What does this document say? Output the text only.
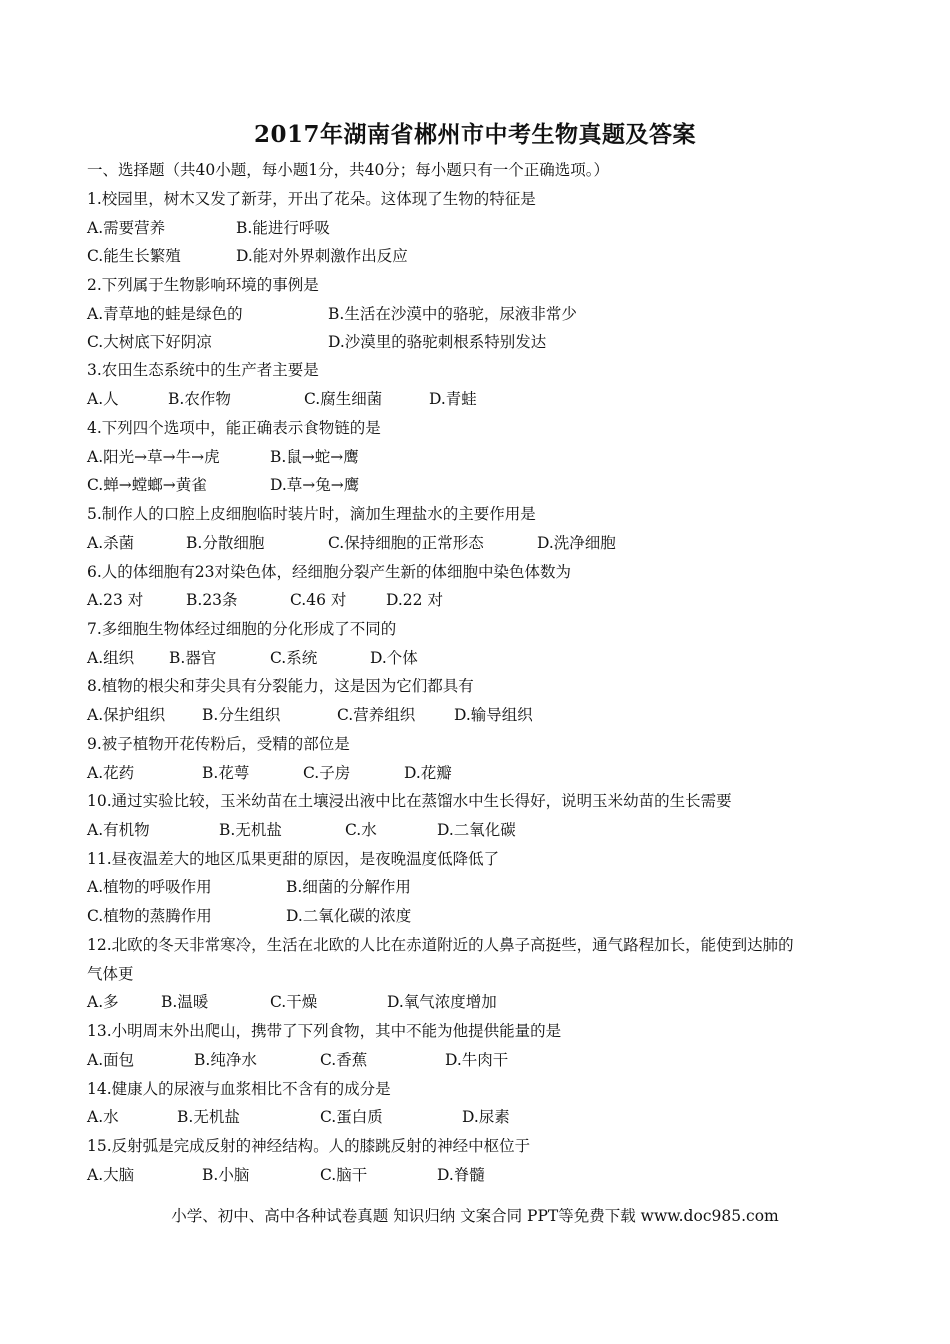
2017年湖南省郴州市中考生物真题及答案
一、选择题（共40小题，每小题1分，共40分；每小题只有一个正确选项。）
1.校园里，树木又发了新芽，开出了花朵。这体现了生物的特征是
A.需要营养	B.能进行呼吸
C.能生长繁殖	D.能对外界刺激作出反应
2.下列属于生物影响环境的事例是
A.青草地的蛙是绿色的	B.生活在沙漠中的骆驼，尿液非常少
C.大树底下好阴凉	D.沙漠里的骆驼刺根系特别发达
3.农田生态系统中的生产者主要是
A.人	B.农作物	C.腐生细菌	D.青蛙
4.下列四个选项中，能正确表示食物链的是
A.阳光→草→牛→虎	B.鼠→蛇→鹰
C.蝉→螳螂→黄雀	D.草→兔→鹰
5.制作人的口腔上皮细胞临时装片时，滴加生理盐水的主要作用是
A.杀菌	B.分散细胞	C.保持细胞的正常形态	D.洗净细胞
6.人的体细胞有23对染色体，经细胞分裂产生新的体细胞中染色体数为
A.23 对	B.23条	C.46 对	D.22 对
7.多细胞生物体经过细胞的分化形成了不同的
A.组织 B.器官	C.系统	D.个体
8.植物的根尖和芽尖具有分裂能力，这是因为它们都具有
A.保护组织 B.分生组织	C.营养组织	D.输导组织
9.被子植物开花传粉后，受精的部位是
A.花药	B.花萼	C.子房	D.花瓣
10.通过实验比较，玉米幼苗在土壤浸出液中比在蒸馏水中生长得好，说明玉米幼苗的生长需要
A.有机物	B.无机盐	C.水	D.二氧化碳
11.昼夜温差大的地区瓜果更甜的原因，是夜晚温度低降低了
A.植物的呼吸作用	B.细菌的分解作用
C.植物的蒸腾作用	D.二氧化碳的浓度
12.北欧的冬天非常寒冷，生活在北欧的人比在赤道附近的人鼻子高挺些，通气路程加长，能使到达肺的
气体更
A.多	B.温暖	C.干燥	D.氧气浓度增加
13.小明周末外出爬山，携带了下列食物，其中不能为他提供能量的是
A.面包	B.纯净水	C.香蕉	D.牛肉干
14.健康人的尿液与血浆相比不含有的成分是
A.水	B.无机盐	C.蛋白质	D.尿素
15.反射弧是完成反射的神经结构。人的膝跳反射的神经中枢位于
A.大脑	B.小脑	C.脑干	D.脊髓
小学、初中、高中各种试卷真题 知识归纳 文案合同 PPT等免费下载 www.doc985.com
